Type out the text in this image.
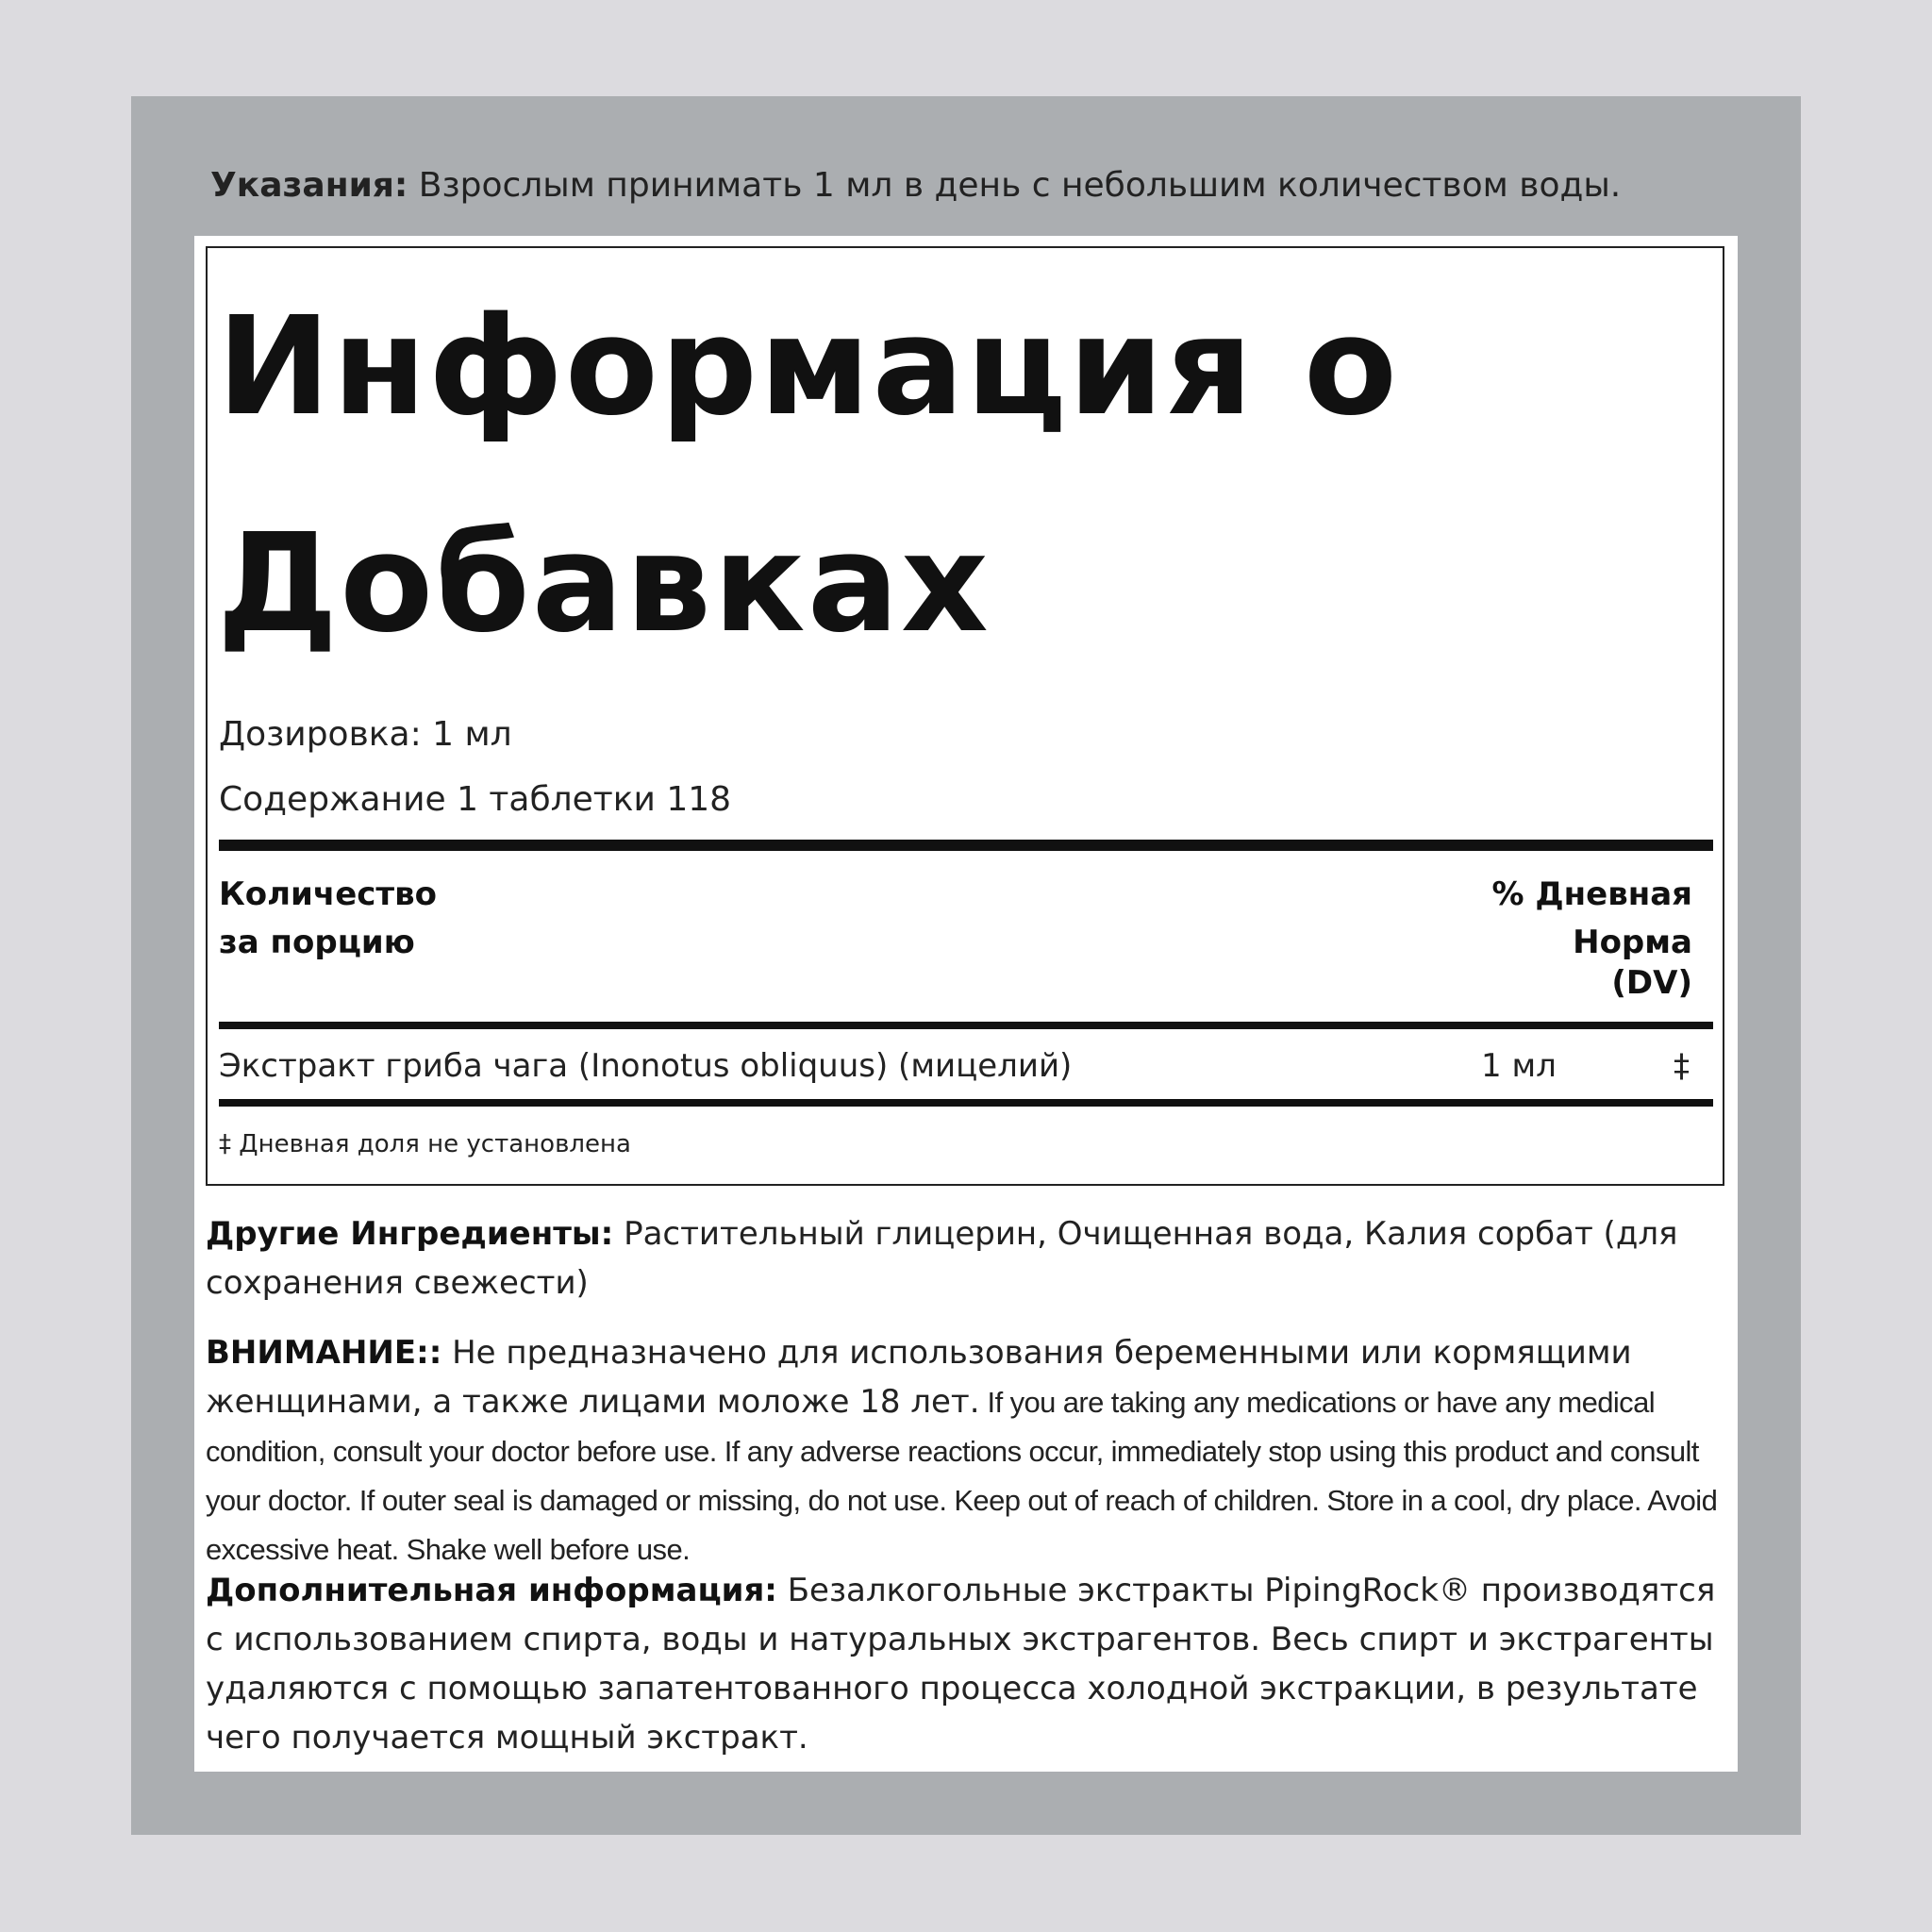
Указания: Взрослым принимать 1 мл в день с небольшим количеством воды.
Информация о
Добавках
Дозировка: 1 мл
Содержание 1 таблетки 118
Количество
за порцию
% Дневная
Норма
(DV)
Экстракт гриба чага (Inonotus obliquus) (мицелий)	1 мл	‡
‡ Дневная доля не установлена
Другие Ингредиенты: Растительный глицерин, Очищенная вода, Калия сорбат (для сохранения свежести)
ВНИМАНИЕ:: Не предназначено для использования беременными или кормящими женщинами, а также лицами моложе 18 лет. If you are taking any medications or have any medical condition, consult your doctor before use. If any adverse reactions occur, immediately stop using this product and consult your doctor. If outer seal is damaged or missing, do not use. Keep out of reach of children. Store in a cool, dry place. Avoid excessive heat. Shake well before use.
Дополнительная информация: Безалкогольные экстракты PipingRock® производятся с использованием спирта, воды и натуральных экстрагентов. Весь спирт и экстрагенты удаляются с помощью запатентованного процесса холодной экстракции, в результате чего получается мощный экстракт.
